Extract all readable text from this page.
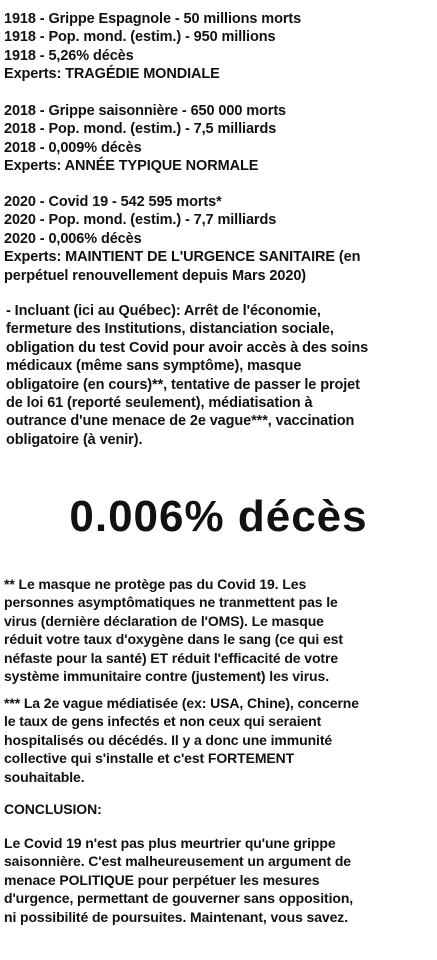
1918 - Grippe Espagnole - 50 millions morts
1918 - Pop. mond. (estim.) - 950 millions
1918 - 5,26% décès
Experts: TRAGÉDIE MONDIALE
2018 - Grippe saisonnière - 650 000 morts
2018 - Pop. mond. (estim.) - 7,5 milliards
2018 - 0,009% décès
Experts: ANNÉE TYPIQUE NORMALE
2020 - Covid 19 - 542 595 morts*
2020 - Pop. mond. (estim.) - 7,7 milliards
2020 - 0,006% décès
Experts: MAINTIENT DE L'URGENCE SANITAIRE (en
perpétuel renouvellement depuis Mars 2020)
- Incluant (ici au Québec): Arrêt de l'économie,
fermeture des Institutions, distanciation sociale,
obligation du test Covid pour avoir accès à des soins
médicaux (même sans symptôme), masque
obligatoire (en cours)**, tentative de passer le projet
de loi 61 (reporté seulement), médiatisation à
outrance d'une menace de 2e vague***, vaccination
obligatoire (à venir).
0.006% décès
** Le masque ne protège pas du Covid 19. Les
personnes asymptômatiques ne tranmettent pas le
virus (dernière déclaration de l'OMS). Le masque
réduit votre taux d'oxygène dans le sang (ce qui est
néfaste pour la santé) ET réduit l'efficacité de votre
système immunitaire contre (justement) les virus.
*** La 2e vague médiatisée (ex: USA, Chine), concerne
le taux de gens infectés et non ceux qui seraient
hospitalisés ou décédés. Il y a donc une immunité
collective qui s'installe et c'est FORTEMENT
souhaitable.
CONCLUSION:
Le Covid 19 n'est pas plus meurtrier qu'une grippe
saisonnière. C'est malheureusement un argument de
menace POLITIQUE pour perpétuer les mesures
d'urgence, permettant de gouverner sans opposition,
ni possibilité de poursuites. Maintenant, vous savez.
